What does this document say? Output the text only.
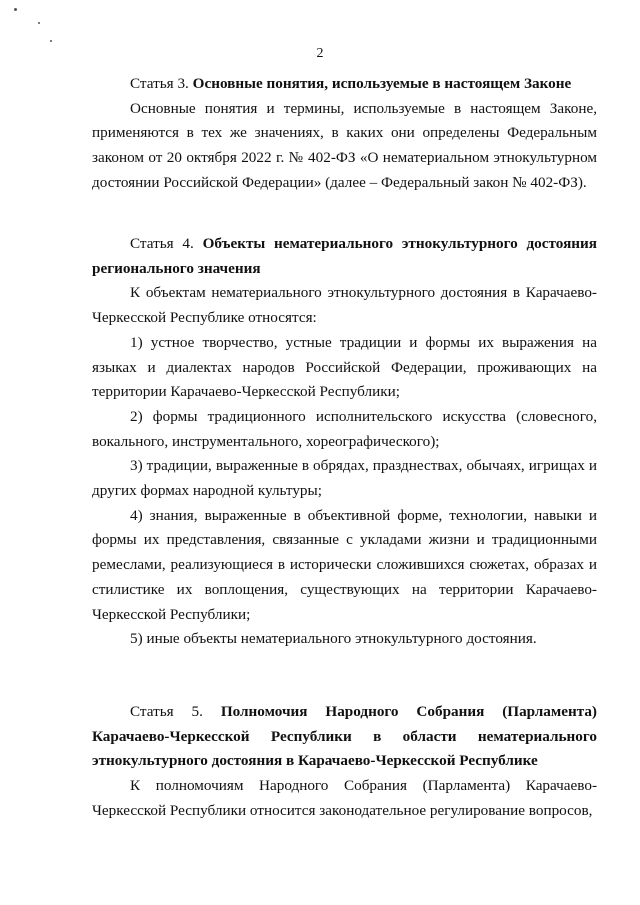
2

Статья 3. Основные понятия, используемые в настоящем Законе

Основные понятия и термины, используемые в настоящем Законе, применяются в тех же значениях, в каких они определены Федеральным законом от 20 октября 2022 г. № 402-ФЗ «О нематериальном этнокультурном достоянии Российской Федерации» (далее – Федеральный закон № 402-ФЗ).

Статья 4. Объекты нематериального этнокультурного достояния регионального значения

К объектам нематериального этнокультурного достояния в Карачаево-Черкесской Республике относятся:

1) устное творчество, устные традиции и формы их выражения на языках и диалектах народов Российской Федерации, проживающих на территории Карачаево-Черкесской Республики;

2) формы традиционного исполнительского искусства (словесного, вокального, инструментального, хореографического);

3) традиции, выраженные в обрядах, празднествах, обычаях, игрищах и других формах народной культуры;

4) знания, выраженные в объективной форме, технологии, навыки и формы их представления, связанные с укладами жизни и традиционными ремеслами, реализующиеся в исторически сложившихся сюжетах, образах и стилистике их воплощения, существующих на территории Карачаево-Черкесской Республики;

5) иные объекты нематериального этнокультурного достояния.

Статья 5. Полномочия Народного Собрания (Парламента) Карачаево-Черкесской Республики в области нематериального этнокультурного достояния в Карачаево-Черкесской Республике

К полномочиям Народного Собрания (Парламента) Карачаево-Черкесской Республики относится законодательное регулирование вопросов,
